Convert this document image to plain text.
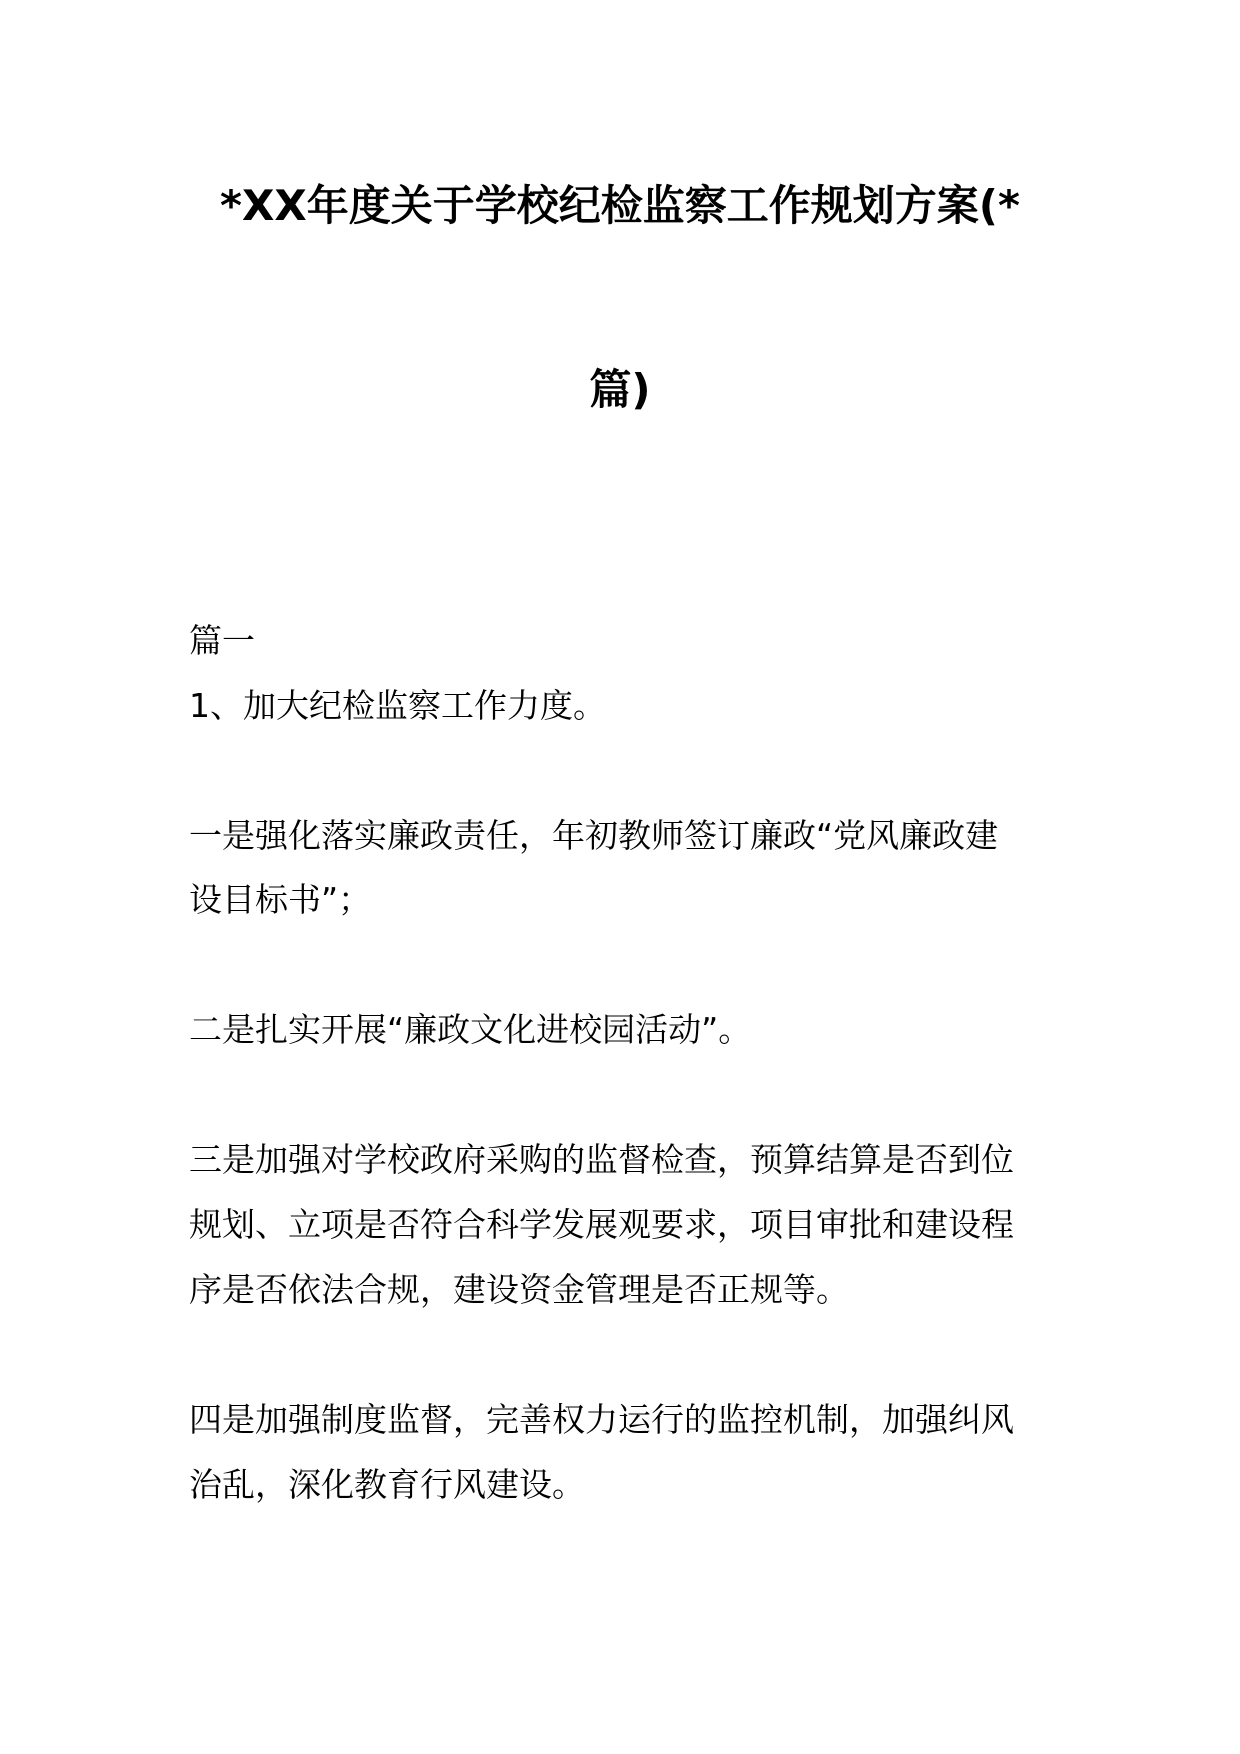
*XX年度关于学校纪检监察工作规划方案(*
篇)
篇一
1、加大纪检监察工作力度。
一是强化落实廉政责任，年初教师签订廉政“党风廉政建
设目标书”；
二是扎实开展“廉政文化进校园活动”。
三是加强对学校政府采购的监督检查，预算结算是否到位
规划、立项是否符合科学发展观要求，项目审批和建设程
序是否依法合规，建设资金管理是否正规等。
四是加强制度监督，完善权力运行的监控机制，加强纠风
治乱，深化教育行风建设。
